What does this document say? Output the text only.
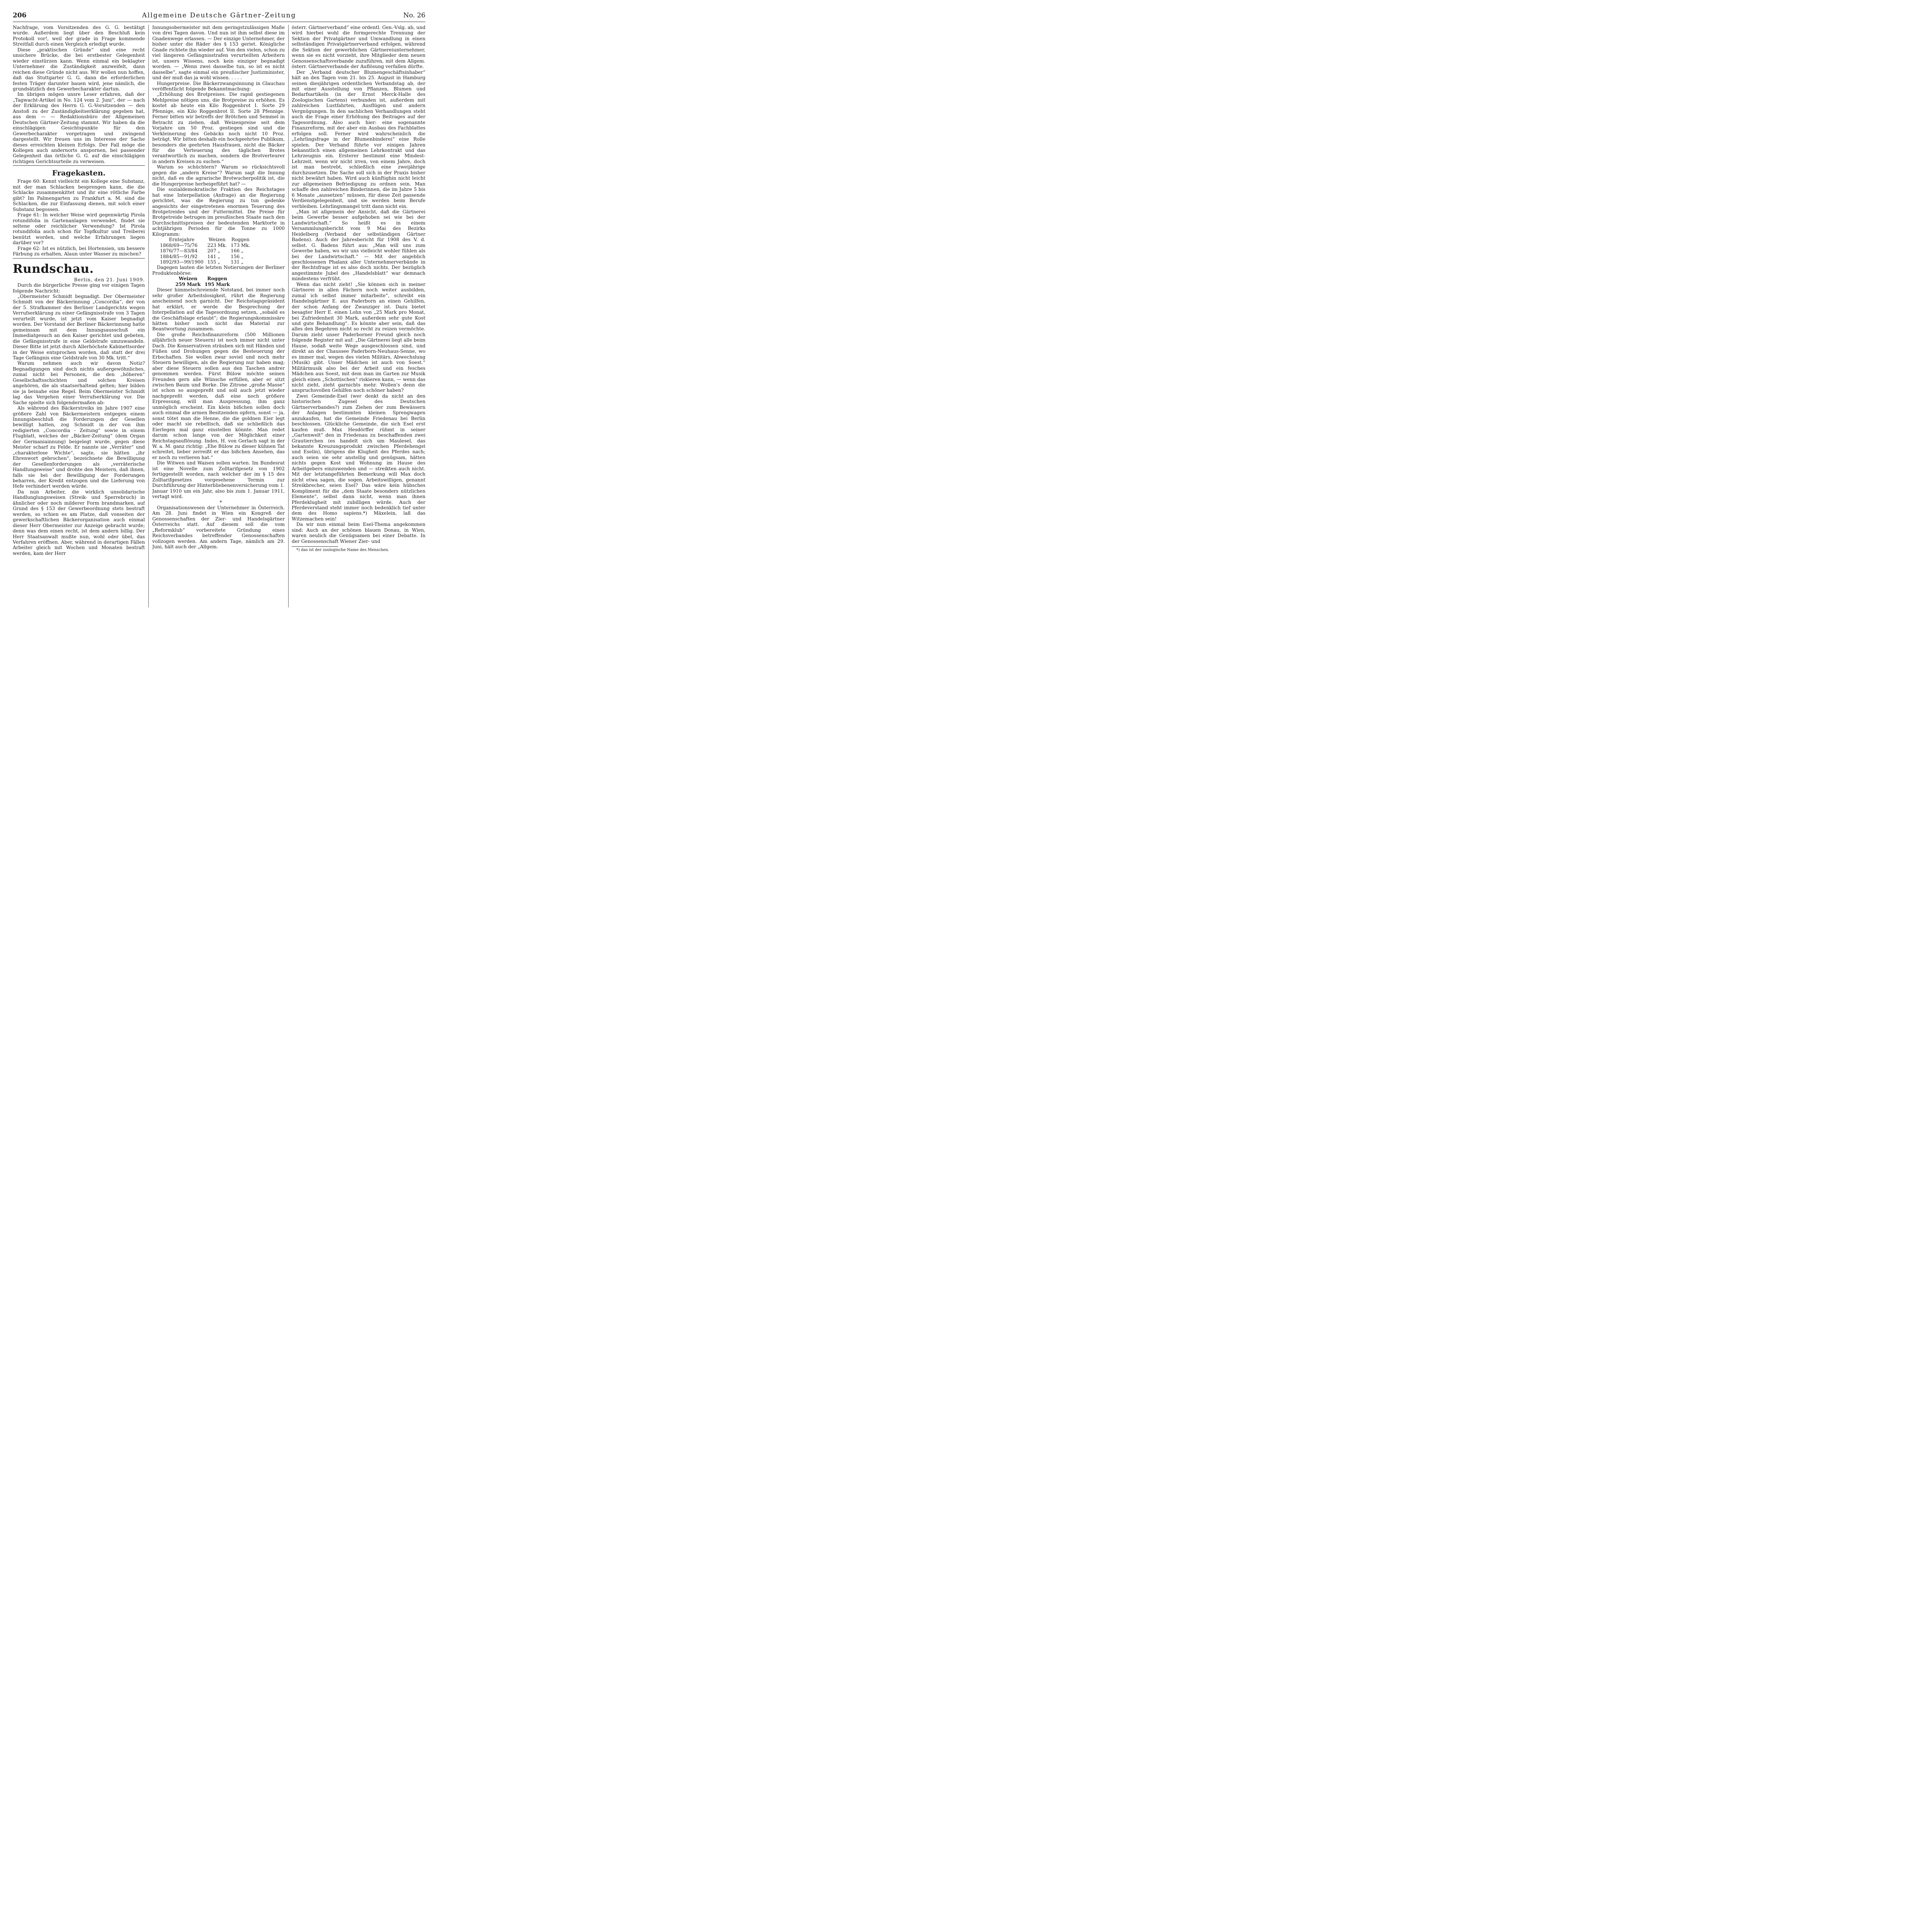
206	Allgemeine Deutsche Gärtner-Zeitung	No. 26

Nachfrage, vom Vorsitzenden des G. G. bestätigt wurde. Außerdem liegt über den Beschluß kein Protokoll vor!, weil der grade in Frage kommende Streitfall durch einen Vergleich erledigt wurde.

Diese „praktischen Gründe“ sind eine recht unsichere Brücke, die bei erstbester Gelegenheit wieder einstürzen kann. Wenn einmal ein beklagter Unternehmer die Zuständigkeit anzweifelt, dann reichen diese Gründe nicht aus. Wir wollen nun hoffen, daß das Stuttgarter G. G. dann die erforderlichen festen Träger darunter bauen wird, jene nämlich, die grundsätzlich den Gewerbecharakter dartun.

Im übrigen mögen unsre Leser erfahren, daß der „Tagwacht-Artikel in No. 124 vom 2. Juni“, der — nach der Erklärung des Herrn G. G.-Vorsitzenden — den Anstoß zu der Zuständigkeitserklärung gegeben hat, aus dem — — Redaktionsbüro der Allgemeinen Deutschen Gärtner-Zeitung stammt. Wir haben da die einschlägigen Gesichtspunkte für den Gewerbecharakter vorgetragen und zwingend dargestellt. Wir freuen uns im Interesse der Sache dieses erreichten kleinen Erfolgs. Der Fall möge die Kollegen auch andernorts anspornen, bei passender Gelegenheit das örtliche G. G. auf die einschlägigen richtigen Gerichtsurteile zu verweisen.

Fragekasten.

Frage 60: Kennt vielleicht ein Kollege eine Substanz, mit der man Schlacken besprengen kann, die die Schlacke zusammenkittet und ihr eine rötliche Farbe gibt? Im Palmengarten zu Frankfurt a. M. sind die Schlacken, die zur Einfassung dienen, mit solch einer Substanz begossen.

Frage 61: In welcher Weise wird gegenwärtig Pirola rotundifolia in Gartenanlagen verwendet, findet sie seltene oder reichlicher Verwendung? Ist Pirola rotundifolia auch schon für Topfkultur und Treiberei benützt worden, und welche Erfahrungen liegen darüber vor?

Frage 62: Ist es nützlich, bei Hortensien, um bessere Färbung zu erhalten, Alaun unter Wasser zu mischen?

Rundschau.

Berlin, den 21. Juni 1909.

Durch die bürgerliche Presse ging vor einigen Tagen folgende Nachricht:

„Obermeister Schmidt begnadigt. Der Obermeister Schmidt von der Bäckerinnung „Concordia“, der von der 5. Strafkammer des Berliner Landgerichts wegen Verrufserklärung zu einer Gefängnisstrafe von 3 Tagen verurteilt wurde, ist jetzt vom Kaiser begnadigt worden. Der Vorstand der Berliner Bäckerinnung hatte gemeinsam mit dem Innungsausschuß ein Immediatgesuch an den Kaiser gerichtet und gebeten, die Gefängnisstrafe in eine Geldstrafe umzuwandeln. Dieser Bitte ist jetzt durch Allerhöchste Kabinettsorder in der Weise entsprochen worden, daß statt der drei Tage Gefängnis eine Geldstrafe von 30 Mk. tritt.“

Warum nehmen auch wir davon Notiz? Begnadigungen sind doch nichts außergewöhnliches, zumal nicht bei Personen, die den „höheren“ Gesellschaftsschichten und solchen Kreisen angehören, die als staatserhaltend gelten; hier bilden sie ja beinahe eine Regel. Beim Obermeister Schmidt lag das Vergehen einer Verrufserklärung vor. Die Sache spielte sich folgendermaßen ab:

Als während des Bäckerstreiks im Jahre 1907 eine größere Zahl von Bäckermeistern entgegen einem Innungsbeschluß die Forderungen der Gesellen bewilligt hatten, zog Schmidt in der von ihm redigierten „Concordia - Zeitung“ sowie in einem Flugblatt, welches der „Bäcker-Zeitung“ (dem Organ der Germaniainnung) beigelegt wurde, gegen diese Meister scharf zu Felde. Er nannte sie „Verräter“ und „charakterlose Wichte“, sagte, sie hätten „ihr Ehrenwort gebrochen“, bezeichnete die Bewilligung der Gesellenforderungen als „verräterische Handlungsweise“ und drohte den Meistern, daß ihnen, falls sie bei der Bewilligung der Forderungen beharren, der Kredit entzogen und die Lieferung von Hefe verhindert werden würde.

Da nun Arbeiter, die wirklich unsolidarische Handlunglungsweisen (Streik- und Sperrebruch) in ähnlicher oder noch milderer Form brandmarken, auf Grund des § 153 der Gewerbeordnung stets bestraft werden, so schien es am Platze, daß vonseiten der gewerkschaftlichen Bäckerorganisation auch einmal dieser Herr Obermeister zur Anzeige gebracht wurde; denn was dem einen recht, ist dem andern billig. Der Herr Staatsanwalt mußte nun, wohl oder übel, das Verfahren eröffnen. Aber, während in derartigen Fällen Arbeiter gleich mit Wochen und Monaten bestraft werden, kam der Herr

Innungsobermeister mit dem geringstzulässigen Maße von drei Tagen davon. Und nun ist ihm selbst diese im Gnadenwege erlassen. — Der einzige Unternehmer, der bisher unter die Räder des § 153 geriet. Königliche Gnade richtete ihn wieder auf. Von den vielen, schon zu viel längeren Gefängnisstrafen verurteilten Arbeitern ist, unsers Wissens, noch kein einziger begnadigt worden. — „Wenn zwei dasselbe tun, so ist es nicht dasselbe“, sagte einmal ein preußischer Justizminister, und der muß das ja wohl wissen. . . . .

Hungerpreise. Die Bäckerzwangsinnung in Glauchau veröffentlicht folgende Bekanntmachung:

„Erhöhung des Brotpreises. Die rapid gestiegenen Mehlpreise nötigen uns, die Brotpreise zu erhöhen. Es kostet ab heute ein Kilo Roggenbrot I. Sorte 29 Pfennige, ein Kilo Roggenbrot II. Sorte 28 Pfennige. Ferner bitten wir betreffs der Brötchen und Semmel in Betracht zu ziehen, daß Weizenpreise seit dem Vorjahre um 50 Proz. gestiegen sind und die Verkleinerung des Gebäcks noch nicht 10 Proz. beträgt. Wir bitten deshalb ein hochgeehrtes Publikum, besonders die geehrten Hausfrauen, nicht die Bäcker für die Verteuerung des täglichen Brotes verantwortlich zu machen, sondern die Brotverteurer in andern Kreisen zu suchen.“

Warum so schüchtern? Warum so rücksichtsvoll gegen die „andern Kreise“? Warum sagt die Innung nicht, daß es die agrarische Brotwucherpolitik ist, die die Hungerpreise herbeigeführt hat? —

Die sozialdemokratische Fraktion des Reichstages hat eine Interpellation (Anfrage) an die Regierung gerichtet, was die Regierung zu tun gedenke angesichts der eingetretenen enormen Teuerung des Brotgetreides und der Futtermittel. Die Preise für Brotgetreide betrugen im preußischen Staate nach den Durchschnittspreisen der bedeutenden Marktorte in achtjährigen Perioden für die Tonne zu 1000 Kilogramm:

Erntejahre	Weizen	Roggen
1868/69—75/76	223 Mk.	173 Mk.
1876/77—83/84	207 „	166 „
1884/85—91/92	141 „	156 „
1892/93—99/1900	155 „	131 „

Dagegen lauten die letzten Notierungen der Berliner Produktenbörse:

Weizen	Roggen
259 Mark	195 Mark

Dieser himmelschreiende Notstand, bei immer noch sehr großer Arbeitslosigkeit, rührt die Regierung anscheinend noch garnicht. Der Reichstagspräsident hat erklärt, er werde die Besprechung der Interpellation auf die Tagesordnung setzen, „sobald es die Geschäftslage erlaubt“; die Regierungskommissäre hätten bisher noch nicht das Material zur Beantwortung zusammen.

Die große Reichsfinanzreform (500 Millionen alljährlich neuer Steuern) ist noch immer nicht unter Dach. Die Konservativen sträuben sich mit Händen und Füßen und Drohungen gegen die Besteuerung der Erbschaften. Sie wollen zwar soviel und noch mehr Steuern bewilligen, als die Regierung nur haben mag; aber diese Steuern sollen aus den Taschen andrer genommen werden. Fürst Bülow möchte seinen Freunden gern alle Wünsche erfüllen, aber er sitzt zwischen Baum und Borke. Die Zitrone „große Masse“ ist schon so ausgepreßt und soll auch jetzt wieder nachgepreßt werden, daß eine noch größere Erpressung, will man Auspressung, ihm ganz unmöglich erscheint. Ein klein bißchen sollen doch auch einmal die armen Besitzenden opfern, sonst — ja, sonst tötet man die Henne, die die goldnen Eier legt oder macht sie rebellisch, daß sie schließlich das Eierlegen mal ganz einstellen könnte. Man redet darum schon lange von der Möglichkeit einer Reichstagsauflösung. Indes, H. von Gerlach sagt in der W. a. M. ganz richtig: „Ehe Bülow zu dieser kühnen Tat schreitet, lieber zerreißt er das bißchen Ansehen, das er noch zu verlieren hat.“

Die Witwen und Waisen sollen warten. Im Bundesrat ist eine Novelle zum Zolltarifgesetz von 1902 fertiggestellt worden, nach welcher der im § 15 des Zolltarifgesetzes vorgesehene Termin zur Durchführung der Hinterbliebenenversicherung vom 1. Januar 1910 um ein Jahr, also bis zum 1. Januar 1911, vertagt wird.

*

Organisationswesen der Unternehmer in Österreich. Am 28. Juni findet in Wien ein Kongreß der Genossenschaften der Zier- und Handelsgärtner Österreichs statt. Auf diesem soll die vom „Reformklub“ vorbereitete Gründung eines Reichsverbandes betreffender Genossenschaften vollzogen werden. Am andern Tage, nämlich am 29. Juni, hält auch der „Allgem.

österr. Gärtnerverband“ eine ordentl. Gen.-Vslg. ab, und wird hierbei wohl die formgerechte Trennung der Sektion der Privatgärtner und Umwandlung in einen selbständigen Privatgärtnerverband erfolgen, während die Sektion der gewerblichen Gärtnereiunternehmer, wenn sie es nicht vorzieht, ihre Mitglieder dem neuen Genossenschaftsverbande zuzuführen, mit dem Allgem. österr. Gärtnerverbande der Auflösung verfallen dürfte.

Der „Verband deutscher Blumengeschäftsinhaber“ hält an den Tagen vom 21. bis 25. August in Hamburg seinen diesjährigen ordentlichen Verbandstag ab, der mit einer Ausstellung von Pflanzen, Blumen und Bedarfsartikeln (in der Ernst Merck-Halle des Zoologischen Gartens) verbunden ist, außerdem mit zahlreichen Lustfahrten, Ausflügen und andern Vergnügungen. In den sachlichen Verhandlungen steht auch die Frage einer Erhöhung des Beitrages auf der Tagesordnung. Also auch hier: eine sogenannte Finanzreform, mit der aber ein Ausbau des Fachblattes erfolgen soll. Ferner wird wahrscheinlich die „Lehrlingsfrage in der Blumenbinderei“ eine Rolle spielen. Der Verband führte vor einigen Jahren bekanntlich einen allgemeinen Lehrkontrakt und das Lehrzeugnis ein. Ersterer bestimmt eine Mindest-Lehrzeit, wenn wir nicht irren, von einem Jahre, doch ist man bestrebt, schließlich eine zweijährige durchzusetzen. Die Sache soll sich in der Praxis bisher nicht bewährt haben. Wird auch künftighin nicht leicht zur allgemeinen Befriedigung zu ordnen sein. Man schaffe den zahlreichen Binderinnen, die im Jahre 5 bis 6 Monate „aussetzen“ müssen, für diese Zeit passende Verdienstgelegenheit, und sie werden beim Berufe verbleiben. Lehrlingsmangel tritt dann nicht ein.

„Man ist allgemein der Ansicht, daß die Gärtnerei beim Gewerbe besser aufgehoben sei wie bei der Landwirtschaft.“ So heißt es in einem Versammlungsbericht vom 9 Mai des Bezirks Heidelberg (Verband der selbständigen Gärtner Badens). Auch der Jahresbericht für 1908 des V. d. selbst. G. Badens führt aus: „Man will uns zum Gewerbe haben, wo wir uns vielleicht wohler fühlen als bei der Landwirtschaft.“ — Mit der angeblich geschlossenen Phalanx aller Unternehmerverbände in der Rechtsfrage ist es also doch nichts. Der bezüglich angestimmte Jubel des „Handelsblatt“ war demnach mindestens verfrüht.

Wenn das nicht zieht! „Sie können sich in meiner Gärtnerei in allen Fächern noch weiter ausbilden, zumal ich selbst immer mitarbeite“, schreibt ein Handelsgärtner E. aus Paderborn an einen Gehilfen, der schon Anfang der Zwanziger ist. Dazu bietet besagter Herr E. einen Lohn von „25 Mark pro Monat, bei Zufriedenheit 30 Mark, außerdem sehr gute Kost und gute Behandlung“. Es könnte aber sein, daß das alles den Begehren nicht so recht zu reizen vermöchte. Darum zieht unser Paderborner Freund gleich noch folgende Register mit auf: „Die Gärtnerei liegt alle beim Hause, sodaß weite Wege ausgeschlossen sind, und direkt an der Chaussee Paderborn-Neuhaus-Senne, wo es immer mal, wegen des vielen Militärs, Abwechslung (Musik) gibt. Unser Mädchen ist auch von Soest.“ Militärmusik also bei der Arbeit und ein fesches Mädchen aus Soest, mit dem man im Garten zur Musik gleich einen „Schottischen“ riskieren kann, — wenn das nicht zieht, zieht garnichts mehr. Wollen's denn die anspruchsvollen Gehilfen noch schöner haben?

Zwei Gemeinde-Esel (wer denkt da nicht an den historischen Zugesel des Deutschen Gärtnerverbandes?) zum Ziehen der zum Bewässern der Anlagen bestimmten kleinen Sprengwagen anzukaufen, hat die Gemeinde Friedenau bei Berlin beschlossen. Glückliche Gemeinde, die sich Esel erst kaufen muß. Max Hesdörffer rühmt in seiner „Gartenwelt“ den in Friedenau zu beschaffenden zwei Grautierchen (es handelt sich um Maulesel, das bekannte Kreuzungsprodukt zwischen Pferdehengst und Eselin), übrigens die Klugheit des Pferdes nach; auch seien sie sehr anstellig und genügsam, hätten nichts gegen Kost und Wohnung im Hause des Arbeitgebers einzuwenden und — streikten auch nicht. Mit der letztangeführten Bemerkung will Max doch nicht etwa sagen, die sogen. Arbeitswilligen, genannt Streikbrecher, seien Esel? Das wäre kein hübsches Kompliment für die „dem Staate besonders nützlichen Elemente“, selbst dann nicht, wenn man ihnen Pferdeklugheit mit zubilligen würde. Auch der Pferdeverstand steht immer noch bedenklich tief unter dem des Homo sapiens.*) Mäxelein, laß das Witzemachen sein!

Da wir nun einmal beim Esel-Thema angekommen sind: Auch an der schönen blauen Donau, in Wien, waren neulich die Genügsamen bei einer Debatte. In der Genossenschaft Wiener Zier- und

*) das ist der zoologische Name des Menschen.
